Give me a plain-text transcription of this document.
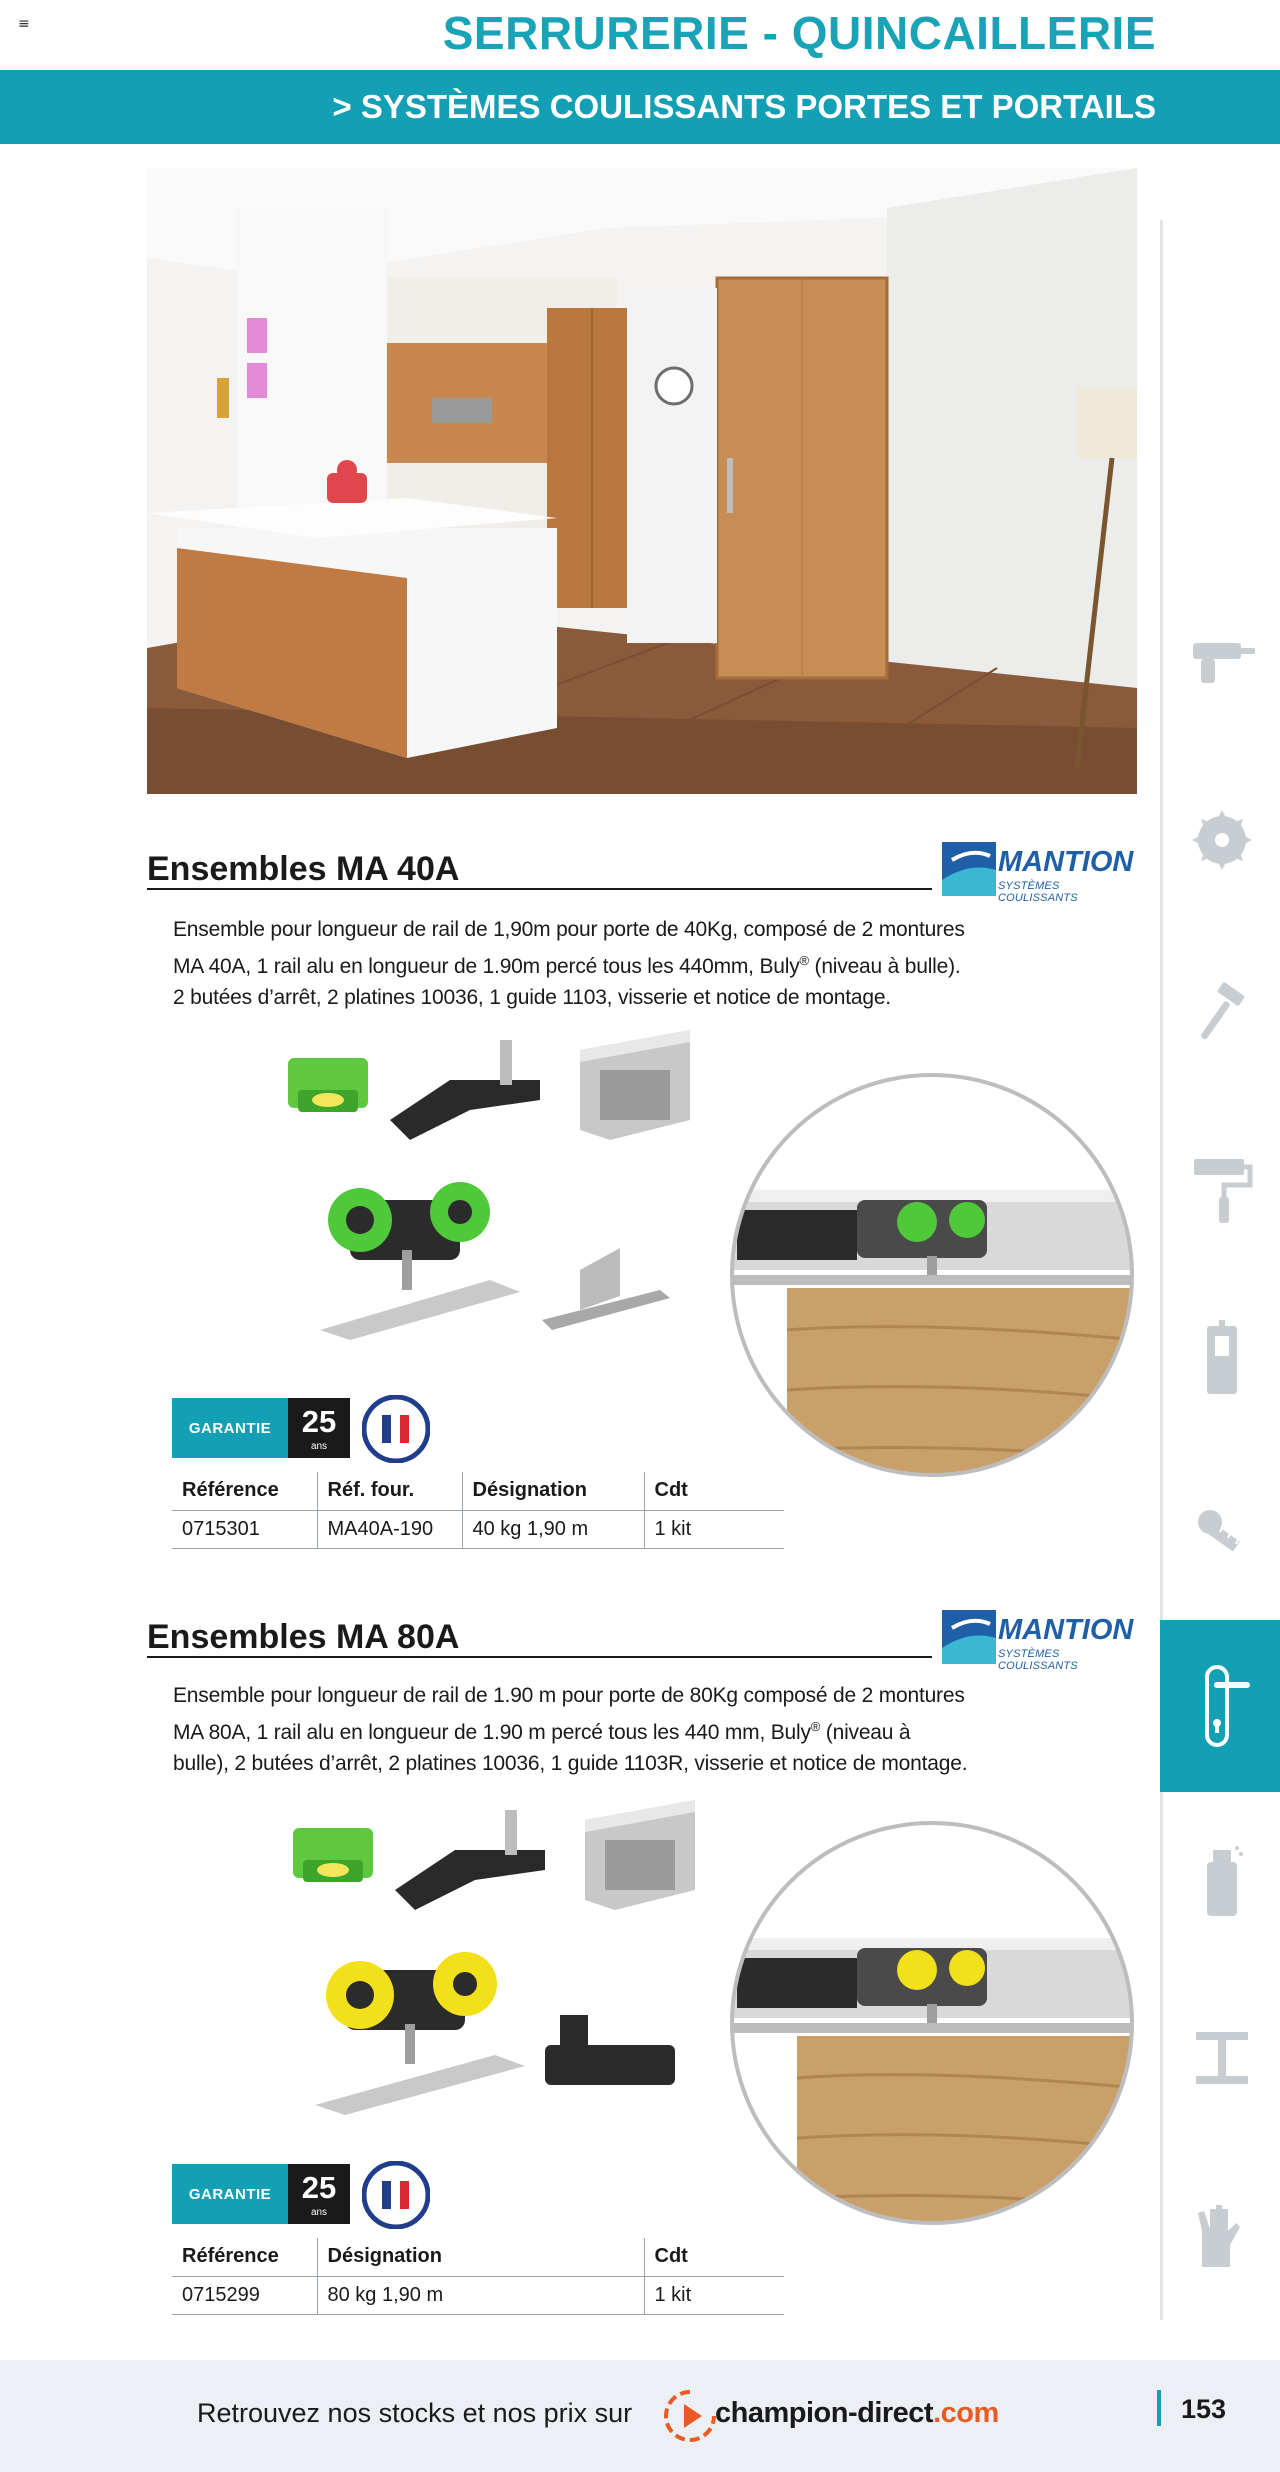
≡	SERRURERIE - QUINCAILLERIE
> SYSTÈMES COULISSANTS PORTES ET PORTAILS
Ensembles MA 40A	MANTION
SYSTÈMES COULISSANTS
Ensemble pour longueur de rail de 1,90m pour porte de 40Kg, composé de 2 montures
MA 40A, 1 rail alu en longueur de 1.90m percé tous les 440mm, Buly® (niveau à bulle).
2 butées d’arrêt, 2 platines 10036, 1 guide 1103, visserie et notice de montage.
GARANTIE 25
ans
Référence	Réf. four.	Désignation	Cdt
0715301	MA40A-190	40 kg 1,90 m	1 kit
Ensembles MA 80A	MANTION
SYSTÈMES COULISSANTS
Ensemble pour longueur de rail de 1.90 m pour porte de 80Kg composé de 2 montures
MA 80A, 1 rail alu en longueur de 1.90 m percé tous les 440 mm, Buly® (niveau à
bulle), 2 butées d’arrêt, 2 platines 10036, 1 guide 1103R, visserie et notice de montage.
GARANTIE 25
ans
Référence	Désignation	Cdt
0715299	80 kg 1,90 m	1 kit
Retrouvez nos stocks et nos prix sur	champion-direct.com	153
